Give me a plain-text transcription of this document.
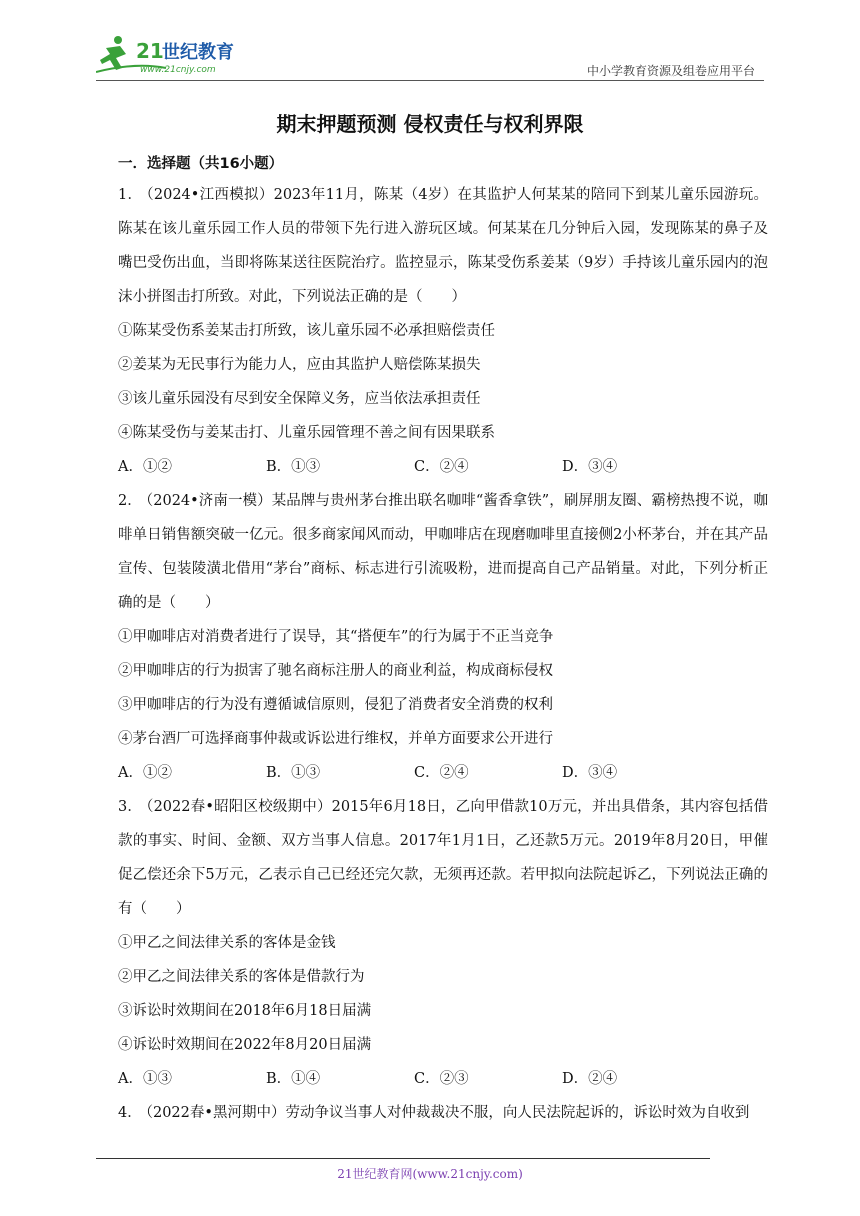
21
世纪教育
www.21cnjy.com	中小学教育资源及组卷应用平台
期末押题预测 侵权责任与权利界限
一．选择题（共16小题）

1． （2024•江西模拟）2023年11月，陈某（4岁）在其监护人何某某的陪同下到某儿童乐园游玩。陈某在该儿童乐园工作人员的带领下先行进入游玩区域。何某某在几分钟后入园，发现陈某的鼻子及嘴巴受伤出血，当即将陈某送往医院治疗。监控显示，陈某受伤系姜某（9岁）手持该儿童乐园内的泡沫小拼图击打所致。对此，下列说法正确的是（　　）

①陈某受伤系姜某击打所致，该儿童乐园不必承担赔偿责任

②姜某为无民事行为能力人，应由其监护人赔偿陈某损失

③该儿童乐园没有尽到安全保障义务，应当依法承担责任

④陈某受伤与姜某击打、儿童乐园管理不善之间有因果联系

A．①②	B．①③	C．②④	D．③④

2． （2024•济南一模）某品牌与贵州茅台推出联名咖啡“酱香拿铁”，刷屏朋友圈、霸榜热搜不说，咖啡单日销售额突破一亿元。很多商家闻风而动，甲咖啡店在现磨咖啡里直接侧2小杯茅台，并在其产品宣传、包装陵潢北借用“茅台”商标、标志进行引流吸粉，进而提高自己产品销量。对此，下列分析正确的是（　　）

①甲咖啡店对消费者进行了误导，其“搭便车”的行为属于不正当竞争

②甲咖啡店的行为损害了驰名商标注册人的商业利益，构成商标侵权

③甲咖啡店的行为没有遵循诚信原则，侵犯了消费者安全消费的权利

④茅台酒厂可选择商事仲裁或诉讼进行维权，并单方面要求公开进行

A．①②	B．①③	C．②④	D．③④

3． （2022春•昭阳区校级期中）2015年6月18日，乙向甲借款10万元，并出具借条，其内容包括借款的事实、时间、金额、双方当事人信息。2017年1月1日，乙还款5万元。2019年8月20日，甲催促乙偿还余下5万元，乙表示自己已经还完欠款，无须再还款。若甲拟向法院起诉乙，下列说法正确的有（　　）

①甲乙之间法律关系的客体是金钱

②甲乙之间法律关系的客体是借款行为

③诉讼时效期间在2018年6月18日届满

④诉讼时效期间在2022年8月20日届满

A．①③	B．①④	C．②③	D．②④

4． （2022春•黑河期中）劳动争议当事人对仲裁裁决不服，向人民法院起诉的，诉讼时效为自收到

21世纪教育网(www.21cnjy.com)
